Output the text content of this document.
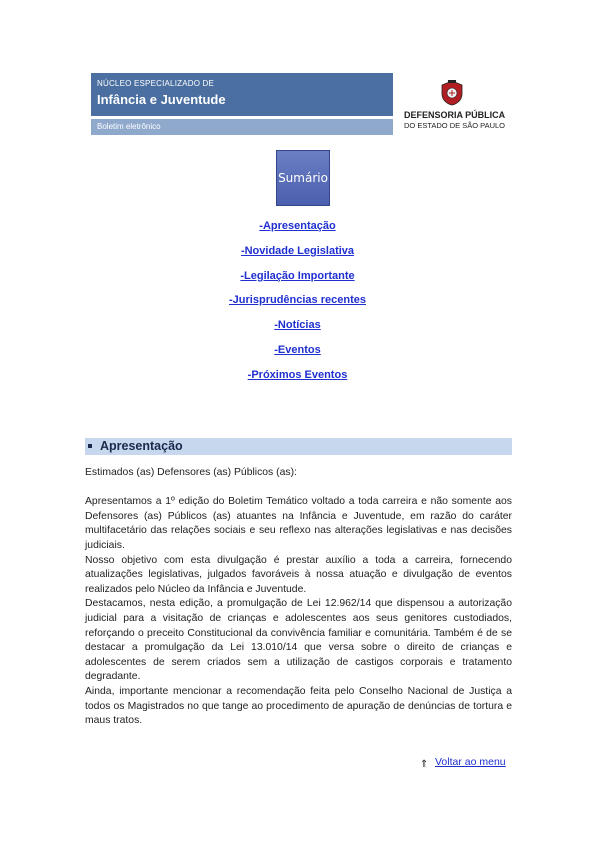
NÚCLEO ESPECIALIZADO DE
Infância e Juventude
Boletim eletrônico
DEFENSORIA PÚBLICA
DO ESTADO DE SÃO PAULO
Sumário
-Apresentação
-Novidade Legislativa
-Legilação Importante
-Jurisprudências recentes
-Notícias
-Eventos
-Próximos Eventos
Apresentação

Estimados (as) Defensores (as) Públicos (as):

Apresentamos a 1º edição do Boletim Temático voltado a toda carreira e não somente aos Defensores (as) Públicos (as) atuantes na Infância e Juventude, em razão do caráter multifacetário das relações sociais e seu reflexo nas alterações legislativas e nas decisões judiciais.

Nosso objetivo com esta divulgação é prestar auxílio a toda a carreira, fornecendo atualizações legislativas, julgados favoráveis à nossa atuação e divulgação de eventos realizados pelo Núcleo da Infância e Juventude.

Destacamos, nesta edição, a promulgação de Lei 12.962/14 que dispensou a autorização judicial para a visitação de crianças e adolescentes aos seus genitores custodiados, reforçando o preceito Constitucional da convivência familiar e comunitária. Também é de se destacar a promulgação da Lei 13.010/14 que versa sobre o direito de crianças e adolescentes de serem criados sem a utilização de castigos corporais e tratamento degradante.

Ainda, importante mencionar a recomendação feita pelo Conselho Nacional de Justiça a todos os Magistrados no que tange ao procedimento de apuração de denúncias de tortura e maus tratos.

⇑ Voltar ao menu
